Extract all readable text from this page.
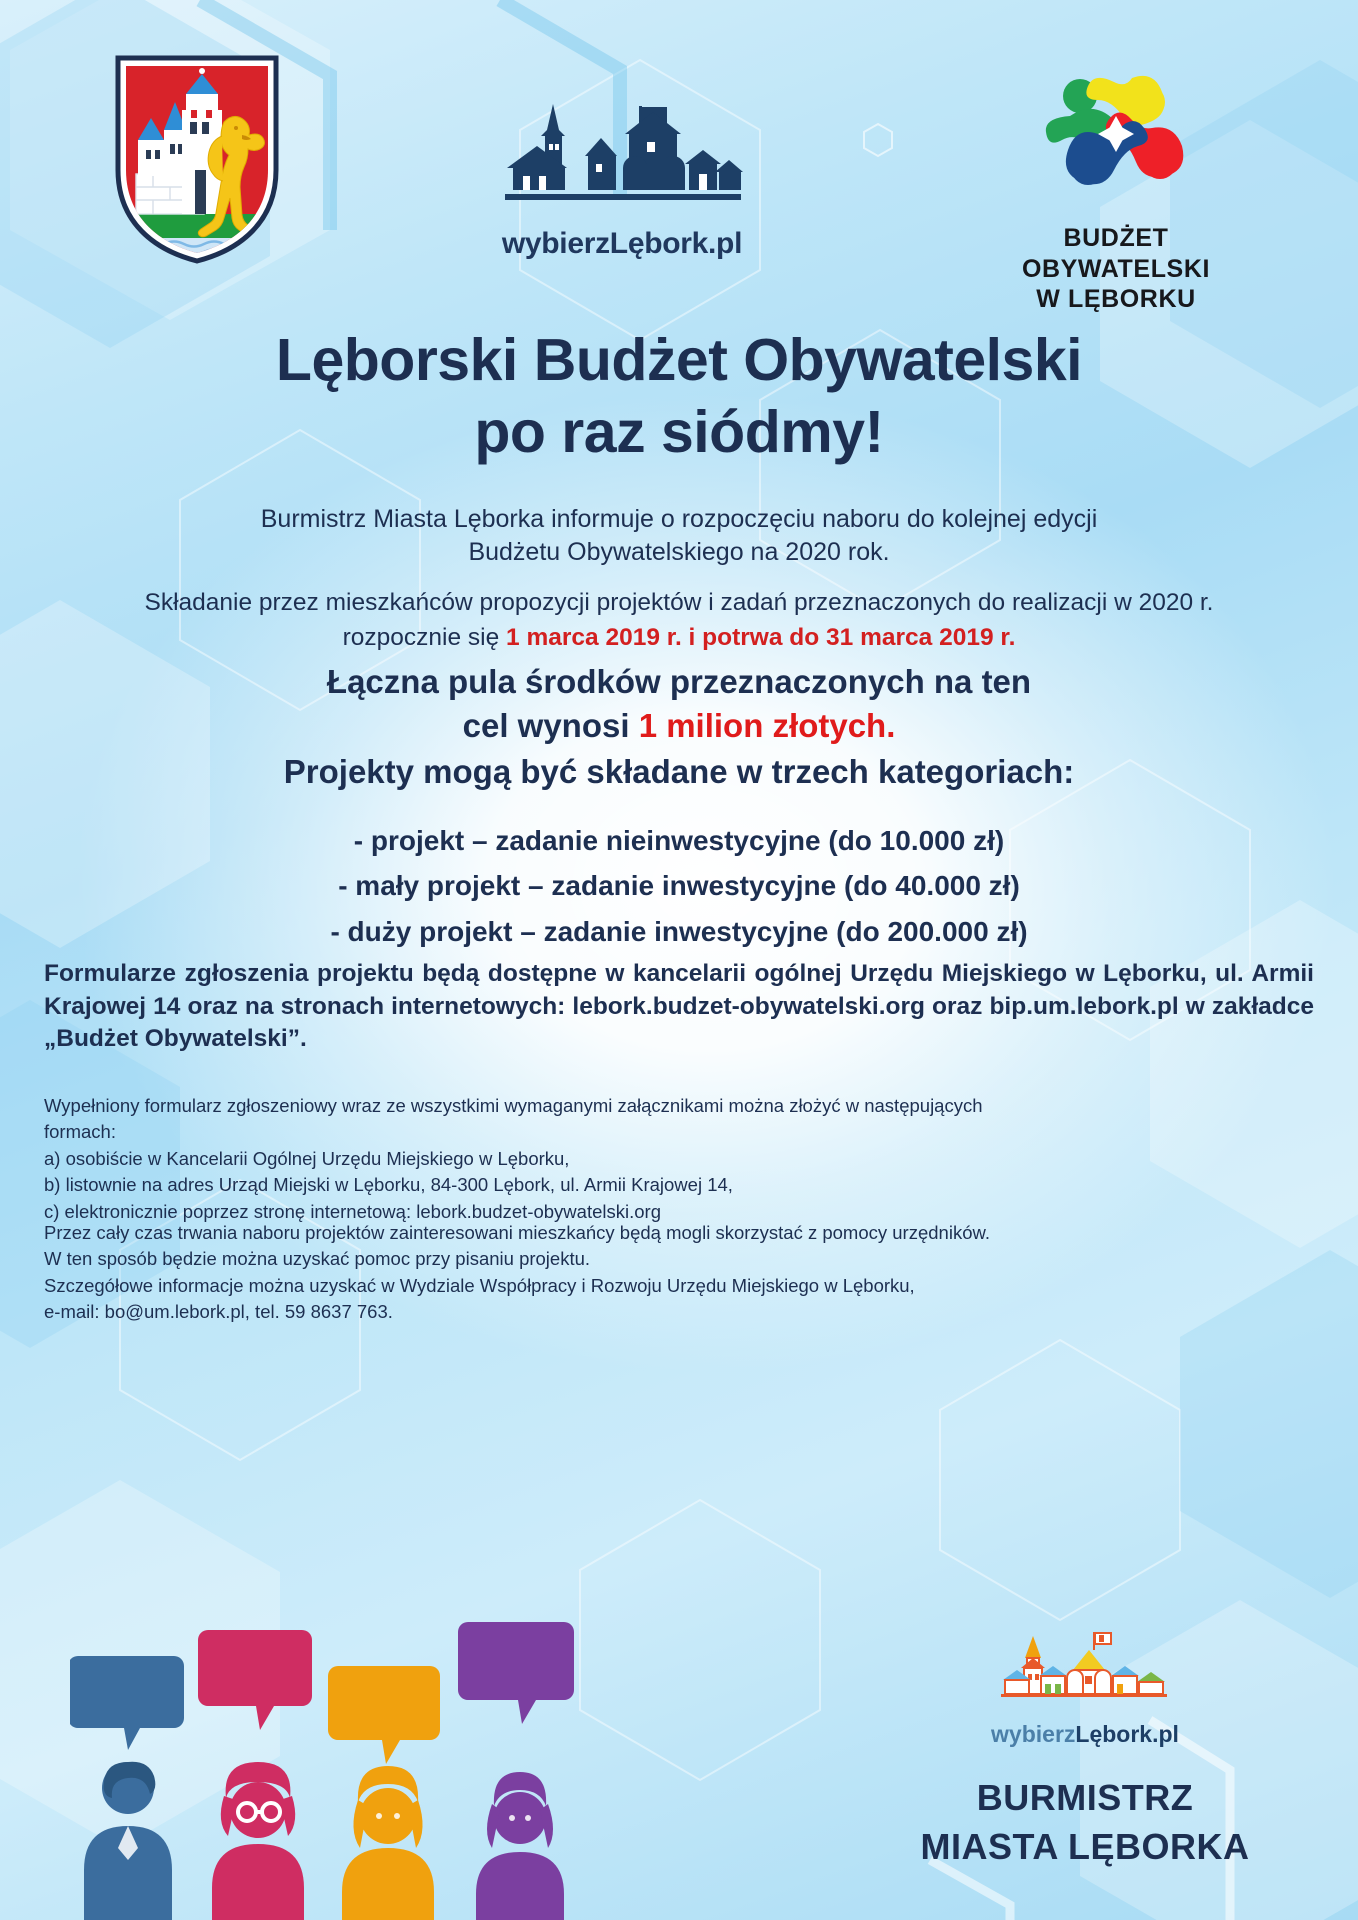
wybierzLębork.pl	BUDŻET
OBYWATELSKI
W LĘBORKU
Lęborski Budżet Obywatelski
po raz siódmy!
Burmistrz Miasta Lęborka informuje o rozpoczęciu naboru do kolejnej edycji
Budżetu Obywatelskiego na 2020 rok.
Składanie przez mieszkańców propozycji projektów i zadań przeznaczonych do realizacji w 2020 r.
rozpocznie się 1 marca 2019 r. i potrwa do 31 marca 2019 r.
Łączna pula środków przeznaczonych na ten
cel wynosi 1 milion złotych.
Projekty mogą być składane w trzech kategoriach:
- projekt – zadanie nieinwestycyjne (do 10.000 zł)
- mały projekt – zadanie inwestycyjne (do 40.000 zł)
- duży projekt – zadanie inwestycyjne (do 200.000 zł)
Formularze zgłoszenia projektu będą dostępne w kancelarii ogólnej Urzędu Miejskiego w Lęborku, ul. Armii Krajowej 14 oraz na stronach internetowych: lebork.budzet-obywatelski.org oraz bip.um.lebork.pl w zakładce „Budżet Obywatelski”.
Wypełniony formularz zgłoszeniowy wraz ze wszystkimi wymaganymi załącznikami można złożyć w następujących
formach:
a) osobiście w Kancelarii Ogólnej Urzędu Miejskiego w Lęborku,
b) listownie na adres Urząd Miejski w Lęborku, 84-300 Lębork, ul. Armii Krajowej 14,
c) elektronicznie poprzez stronę internetową: lebork.budzet-obywatelski.org
Przez cały czas trwania naboru projektów zainteresowani mieszkańcy będą mogli skorzystać z pomocy urzędników.
W ten sposób będzie można uzyskać pomoc przy pisaniu projektu.
Szczegółowe informacje można uzyskać w Wydziale Współpracy i Rozwoju Urzędu Miejskiego w Lęborku,
e-mail: bo@um.lebork.pl, tel. 59 8637 763.
wybierzLębork.pl
BURMISTRZ
MIASTA LĘBORKA
